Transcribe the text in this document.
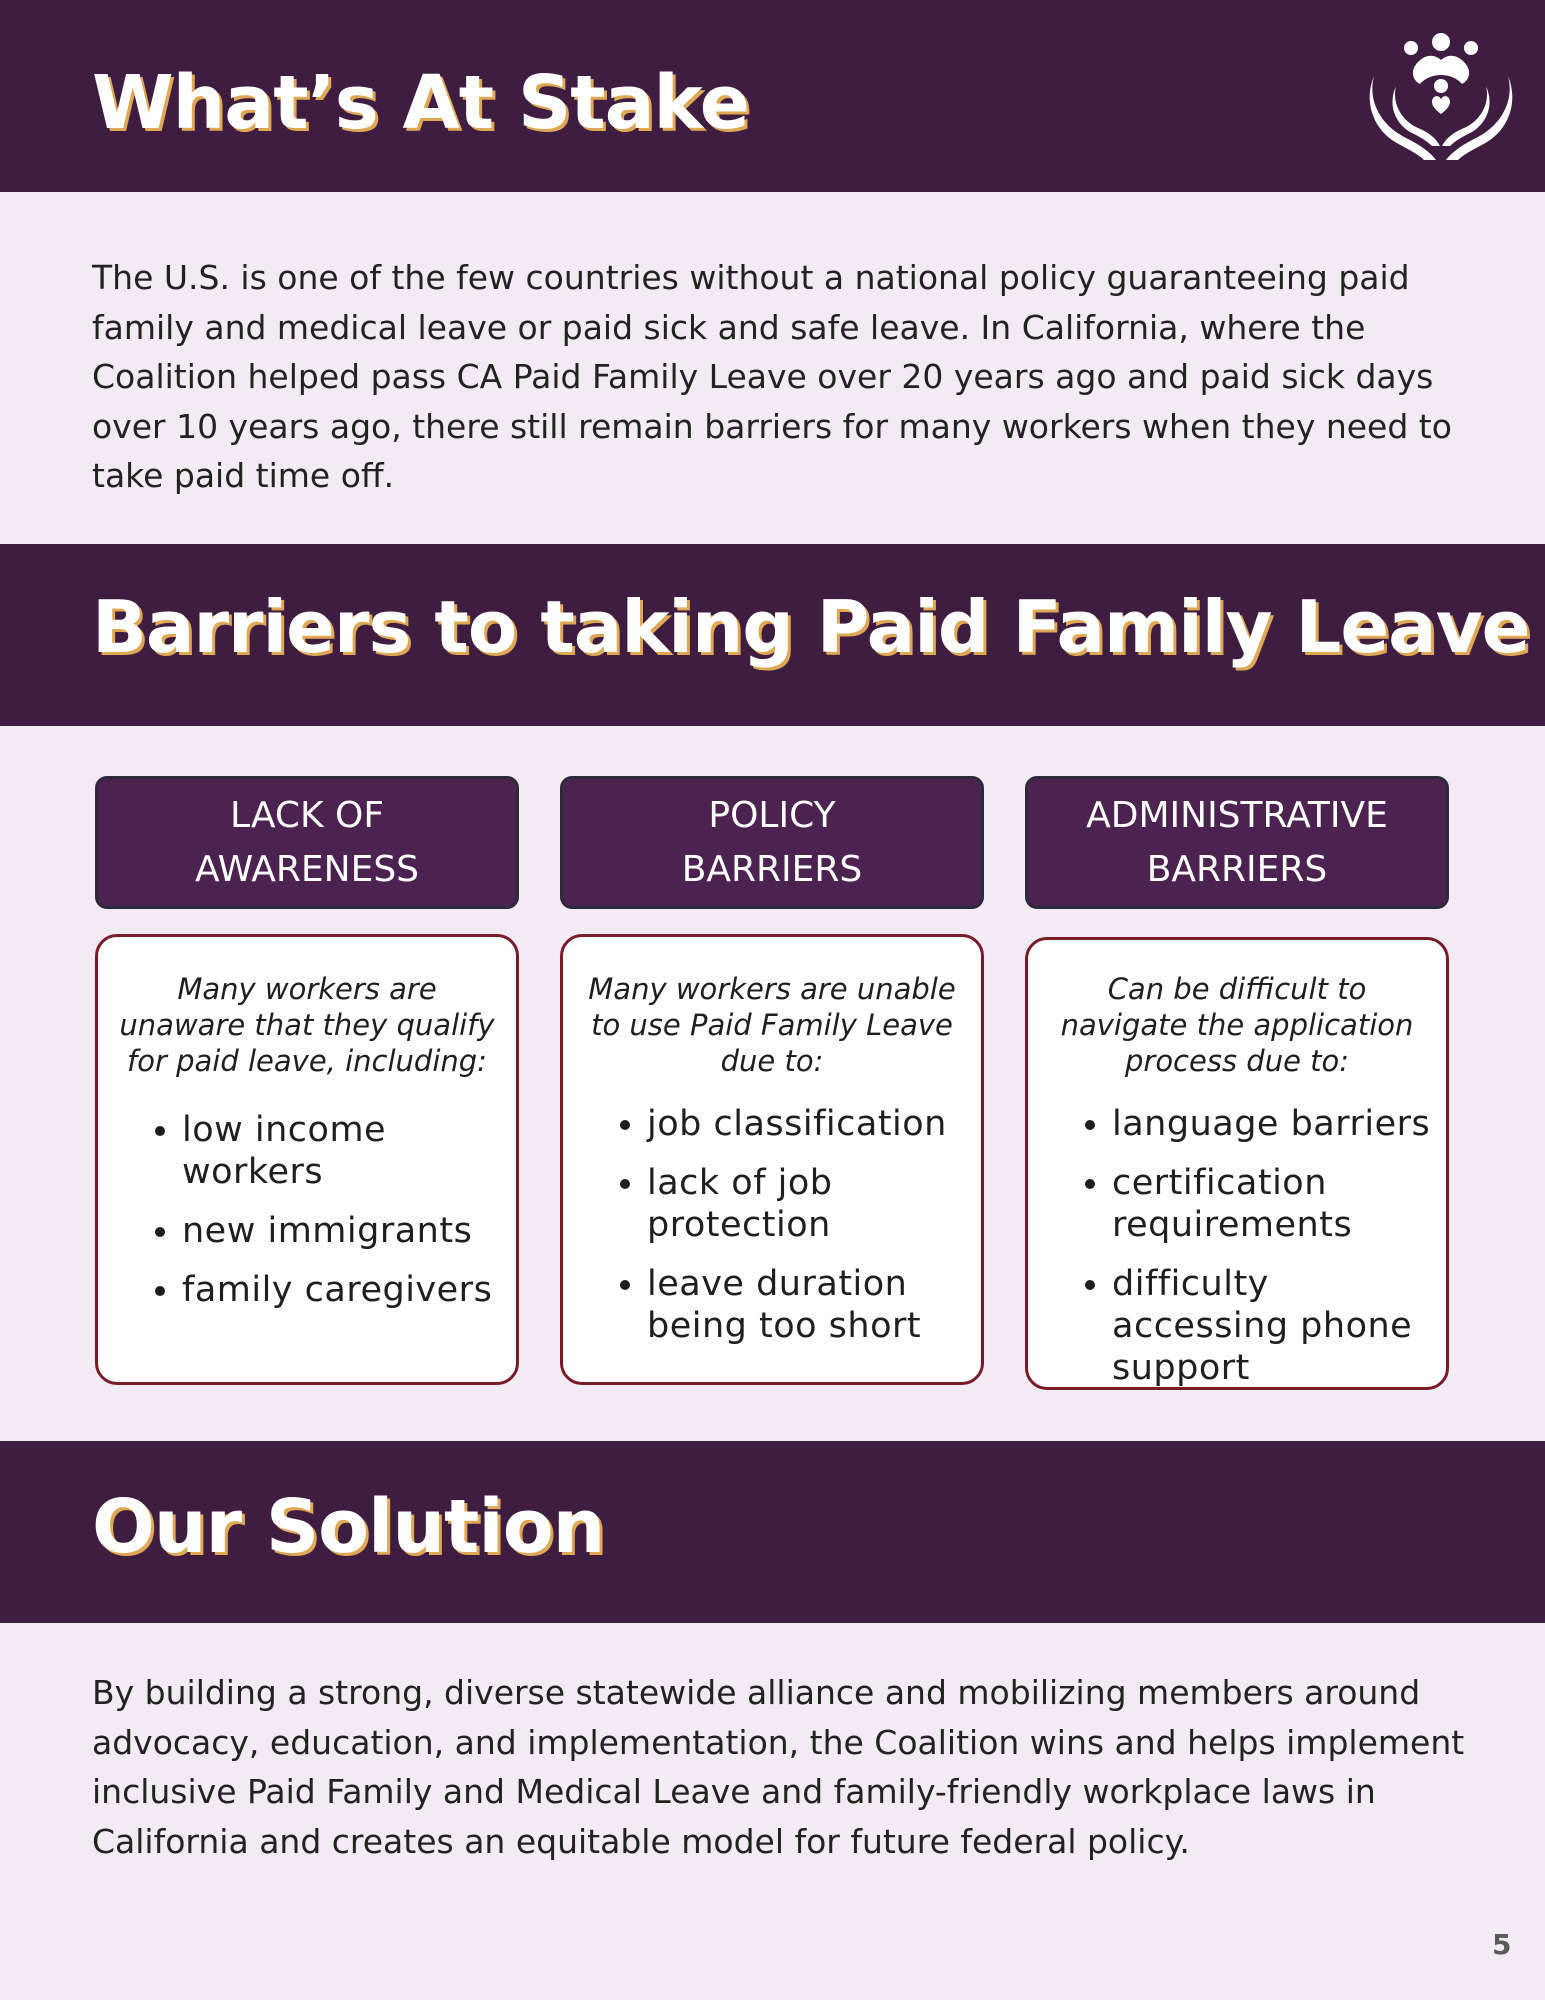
What’s At Stake

The U.S. is one of the few countries without a national policy guaranteeing paid family and medical leave or paid sick and safe leave. In California, where the Coalition helped pass CA Paid Family Leave over 20 years ago and paid sick days over 10 years ago, there still remain barriers for many workers when they need to take paid time off.

Barriers to taking Paid Family Leave
LACK OF
AWARENESS

Many workers are unaware that they qualify for paid leave, including:

• low income workers
• new immigrants
• family caregivers
POLICY
BARRIERS

Many workers are unable to use Paid Family Leave due to:

• job classification
• lack of job protection
• leave duration being too short
ADMINISTRATIVE
BARRIERS

Can be difficult to navigate the application process due to:

• language barriers
• certification requirements
• difficulty accessing phone support
Our Solution

By building a strong, diverse statewide alliance and mobilizing members around advocacy, education, and implementation, the Coalition wins and helps implement inclusive Paid Family and Medical Leave and family-friendly workplace laws in California and creates an equitable model for future federal policy.

5
